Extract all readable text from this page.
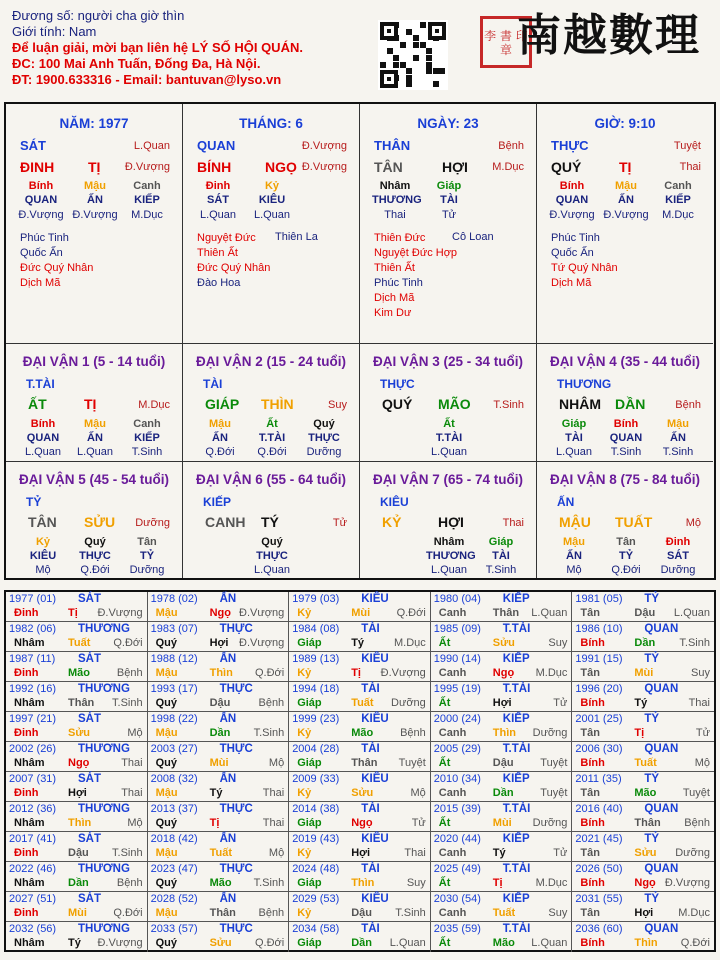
Đương số: người cha giờ thìn
Giới tính: Nam
Để luận giải, mời bạn liên hệ LÝ SỐ HỘI QUÁN.
ĐC: 100 Mai Anh Tuấn, Đống Đa, Hà Nội.
ĐT: 1900.633316 - Email: bantuvan@lyso.vn
李 書 印 章 南越數理
NĂM: 1977
SÁT	L.Quan
ĐINH TỊ Đ.Vượng
Bính	Mậu	Canh
QUAN	ẤN	KIẾP
Đ.Vượng Đ.Vượng	M.Dục
Phúc Tinh
Quốc Ấn
Đức Quý Nhân
Dịch Mã
THÁNG: 6
QUAN	Đ.Vượng
BÍNH NGỌ Đ.Vượng
Đinh	Kỷ
SÁT	KIÊU
L.Quan	L.Quan
Nguyệt Đức
Thiên Ất
Đức Quý Nhân
Đào Hoa
Thiên La
NGÀY: 23
THÂN	Bệnh
TÂN	HỢI M.Dục
Nhâm	Giáp
THƯƠNG	TÀI
Thai	Tử
Thiên Đức
Nguyệt Đức Hợp
Thiên Ất
Phúc Tinh
Dịch Mã
Kim Dư
Cô Loan
GIỜ: 9:10
THỰC	Tuyệt
QUÝ	TỊ	Thai
Bính	Mậu	Canh
QUAN	ẤN	KIẾP
Đ.Vượng Đ.Vượng	M.Dục
Phúc Tinh
Quốc Ấn
Tứ Quý Nhân
Dịch Mã
ĐẠI VẬN 1 (5 - 14 tuổi)
T.TÀI
ẤT	TỊ	M.Dục
Bính	Mậu	Canh
QUAN	ẤN	KIẾP
L.Quan	L.Quan	T.Sinh
ĐẠI VẬN 2 (15 - 24 tuổi)
TÀI
GIÁP THÌN	Suy
Mậu	Ất	Quý
ẤN	T.TÀI	THỰC
Q.Đới	Q.Đới	Dưỡng
ĐẠI VẬN 3 (25 - 34 tuổi)
THỰC
QUÝ MÃO T.Sinh
Ất
T.TÀI
L.Quan
ĐẠI VẬN 4 (35 - 44 tuổi)
THƯƠNG
NHÂM DẦN	Bệnh
Giáp	Bính	Mậu
TÀI	QUAN	ẤN
L.Quan	T.Sinh	T.Sinh
ĐẠI VẬN 5 (45 - 54 tuổi)
TỶ
TÂN SỬU Dưỡng
Kỷ	Quý	Tân
KIÊU	THỰC	TỶ
Mộ	Q.Đới	Dưỡng
ĐẠI VẬN 6 (55 - 64 tuổi)
KIẾP
CANH TÝ	Tử
Quý
THỰC
L.Quan
ĐẠI VẬN 7 (65 - 74 tuổi)
KIÊU
KỶ	HỢI	Thai
Nhâm	Giáp
THƯƠNG	TÀI
L.Quan	T.Sinh
ĐẠI VẬN 8 (75 - 84 tuổi)
ẤN
MẬU TUẤT	Mộ
Mậu	Tân	Đinh
ẤN	TỶ	SÁT
Mộ	Q.Đới	Dưỡng
1977 (01) SÁT
Đinh	Tị Đ.Vượng
1978 (02) ẤN
Mậu	Ngọ Đ.Vượng
1979 (03) KIÊU
Kỷ	Mùi Q.Đới
1980 (04) KIẾP
Canh Thân L.Quan
1981 (05) TỶ
Tân	Dậu L.Quan
1982 (06) THƯƠNG
Nhâm Tuất Q.Đới
1983 (07) THỰC
Quý	Hợi Đ.Vượng
1984 (08) TÀI
Giáp	Tý	M.Dục
1985 (09) T.TÀI
Ất	Sửu	Suy
1986 (10) QUAN
Bính	Dần T.Sinh
1987 (11) SÁT
Đinh	Mão Bệnh
1988 (12) ẤN
Mậu	Thìn Q.Đới
1989 (13) KIÊU
Kỷ	Tị Đ.Vượng
1990 (14) KIẾP
Canh Ngọ M.Dục
1991 (15) TỶ
Tân	Mùi	Suy
1992 (16) THƯƠNG
Nhâm Thân T.Sinh
1993 (17) THỰC
Quý	Dậu	Bệnh
1994 (18) TÀI
Giáp	Tuất Dưỡng
1995 (19) T.TÀI
Ất	Hợi	Tử
1996 (20) QUAN
Bính	Tý	Thai
1997 (21) SÁT
Đinh	Sửu	Mộ
1998 (22) ẤN
Mậu	Dần T.Sinh
1999 (23) KIÊU
Kỷ	Mão Bệnh
2000 (24) KIẾP
Canh Thìn Dưỡng
2001 (25) TỶ
Tân	Tị	Tử
2002 (26) THƯƠNG
Nhâm Ngọ	Thai
2003 (27) THỰC
Quý	Mùi	Mộ
2004 (28) TÀI
Giáp	Thân Tuyệt
2005 (29) T.TÀI
Ất	Dậu Tuyệt
2006 (30) QUAN
Bính	Tuất	Mộ
2007 (31) SÁT
Đinh	Hợi	Thai
2008 (32) ẤN
Mậu	Tý	Thai
2009 (33) KIÊU
Kỷ	Sửu	Mộ
2010 (34) KIẾP
Canh Dần Tuyệt
2011 (35) TỶ
Tân	Mão Tuyệt
2012 (36) THƯƠNG
Nhâm Thìn	Mộ
2013 (37) THỰC
Quý	Tị	Thai
2014 (38) TÀI
Giáp	Ngọ	Tử
2015 (39) T.TÀI
Ất	Mùi Dưỡng
2016 (40) QUAN
Bính	Thân Bệnh
2017 (41) SÁT
Đinh	Dậu T.Sinh
2018 (42) ẤN
Mậu	Tuất	Mộ
2019 (43) KIÊU
Kỷ	Hợi	Thai
2020 (44) KIẾP
Canh Tý	Tử
2021 (45) TỶ
Tân	Sửu Dưỡng
2022 (46) THƯƠNG
Nhâm Dần	Bệnh
2023 (47) THỰC
Quý	Mão T.Sinh
2024 (48) TÀI
Giáp	Thìn	Suy
2025 (49) T.TÀI
Ất	Tị	M.Dục
2026 (50) QUAN
Bính	Ngọ Đ.Vượng
2027 (51) SÁT
Đinh	Mùi Q.Đới
2028 (52) ẤN
Mậu	Thân Bệnh
2029 (53) KIÊU
Kỷ	Dậu T.Sinh
2030 (54) KIẾP
Canh Tuất	Suy
2031 (55) TỶ
Tân	Hợi M.Dục
2032 (56) THƯƠNG
Nhâm Tý Đ.Vượng
2033 (57) THỰC
Quý	Sửu Q.Đới
2034 (58) TÀI
Giáp	Dần L.Quan
2035 (59) T.TÀI
Ất	Mão L.Quan
2036 (60) QUAN
Bính	Thìn Q.Đới
